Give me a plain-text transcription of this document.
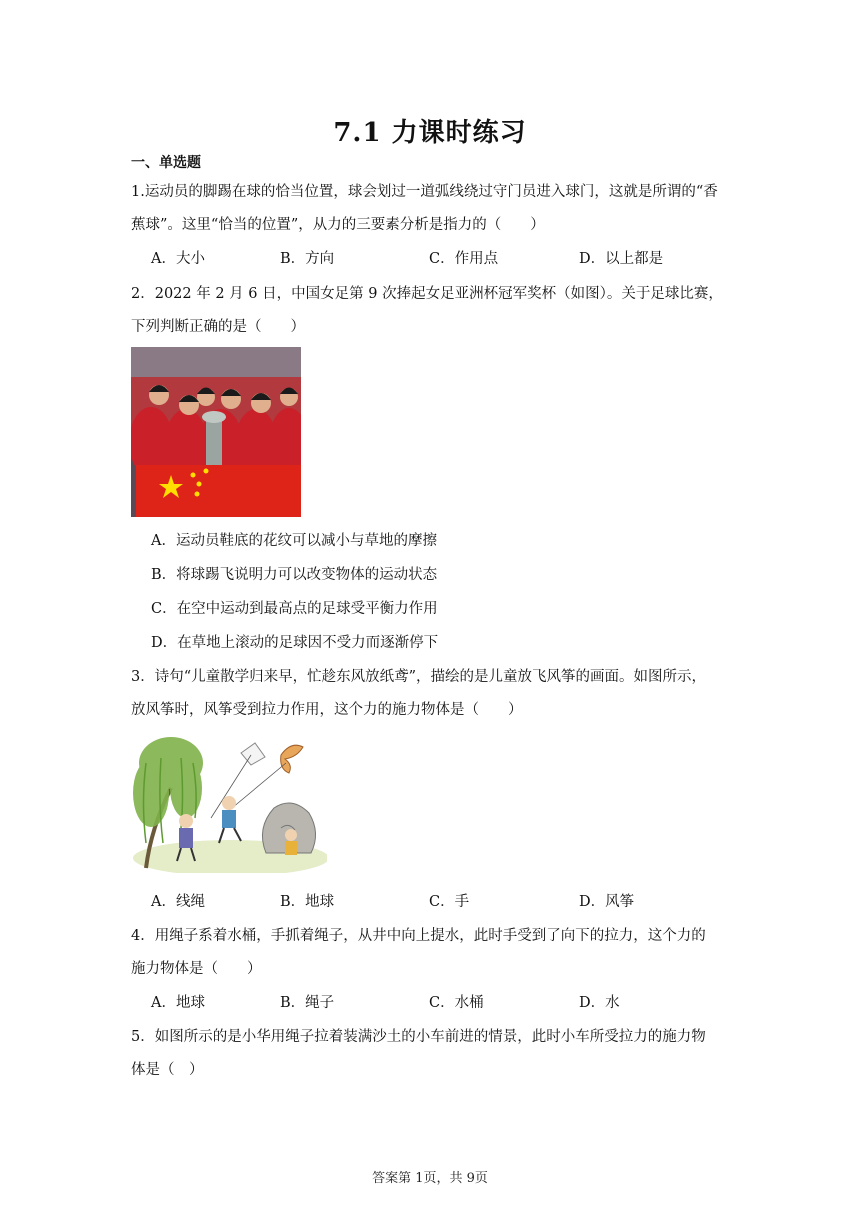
7.1 力课时练习
一、单选题
1.运动员的脚踢在球的恰当位置，球会划过一道弧线绕过守门员进入球门，这就是所谓的“香
蕉球”。这里“恰当的位置”，从力的三要素分析是指力的（　　）
A．大小	B．方向	C．作用点	D．以上都是
2．2022 年 2 月 6 日，中国女足第 9 次捧起女足亚洲杯冠军奖杯（如图）。关于足球比赛，
下列判断正确的是（　　）
A．运动员鞋底的花纹可以减小与草地的摩擦
B．将球踢飞说明力可以改变物体的运动状态
C．在空中运动到最高点的足球受平衡力作用
D．在草地上滚动的足球因不受力而逐渐停下
3．诗句“儿童散学归来早，忙趁东风放纸鸢”，描绘的是儿童放飞风筝的画面。如图所示，
放风筝时，风筝受到拉力作用，这个力的施力物体是（　　）
A．线绳	B．地球	C．手	D．风筝
4．用绳子系着水桶，手抓着绳子，从井中向上提水，此时手受到了向下的拉力，这个力的
施力物体是（　　）
A．地球	B．绳子	C．水桶	D．水
5．如图所示的是小华用绳子拉着装满沙土的小车前进的情景，此时小车所受拉力的施力物
体是（　）
答案第 1页，共 9页
